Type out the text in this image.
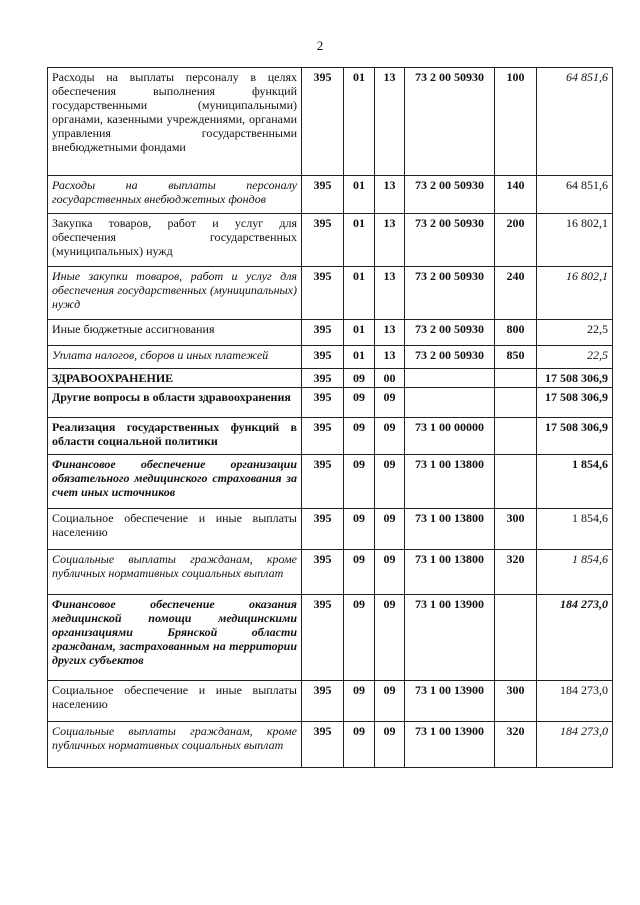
2
Расходы на выплаты персоналу в целях обеспечения выполнения функций государственными (муниципальными) органами, казенными учреждениями, органами управления государственными внебюджетными фондами	395	01	13	73 2 00 50930	100	64 851,6
Расходы на выплаты персоналу государственных внебюджетных фондов	395	01	13	73 2 00 50930	140	64 851,6
Закупка товаров, работ и услуг для обеспечения государственных (муниципальных) нужд	395	01	13	73 2 00 50930	200	16 802,1
Иные закупки товаров, работ и услуг для обеспечения государственных (муниципальных) нужд	395	01	13	73 2 00 50930	240	16 802,1
Иные бюджетные ассигнования	395	01	13	73 2 00 50930	800	22,5
Уплата налогов, сборов и иных платежей	395	01	13	73 2 00 50930	850	22,5
ЗДРАВООХРАНЕНИЕ	395	09	00			17 508 306,9
Другие вопросы в области здравоохранения	395	09	09			17 508 306,9
Реализация государственных функций в области социальной политики	395	09	09	73 1 00 00000		17 508 306,9
Финансовое обеспечение организации обязательного медицинского страхования за счет иных источников	395	09	09	73 1 00 13800		1 854,6
Социальное обеспечение и иные выплаты населению	395	09	09	73 1 00 13800	300	1 854,6
Социальные выплаты гражданам, кроме публичных нормативных социальных выплат	395	09	09	73 1 00 13800	320	1 854,6
Финансовое обеспечение оказания медицинской помощи медицинскими организациями Брянской области гражданам, застрахованным на территории других субъектов	395	09	09	73 1 00 13900		184 273,0
Социальное обеспечение и иные выплаты населению	395	09	09	73 1 00 13900	300	184 273,0
Социальные выплаты гражданам, кроме публичных нормативных социальных выплат	395	09	09	73 1 00 13900	320	184 273,0
